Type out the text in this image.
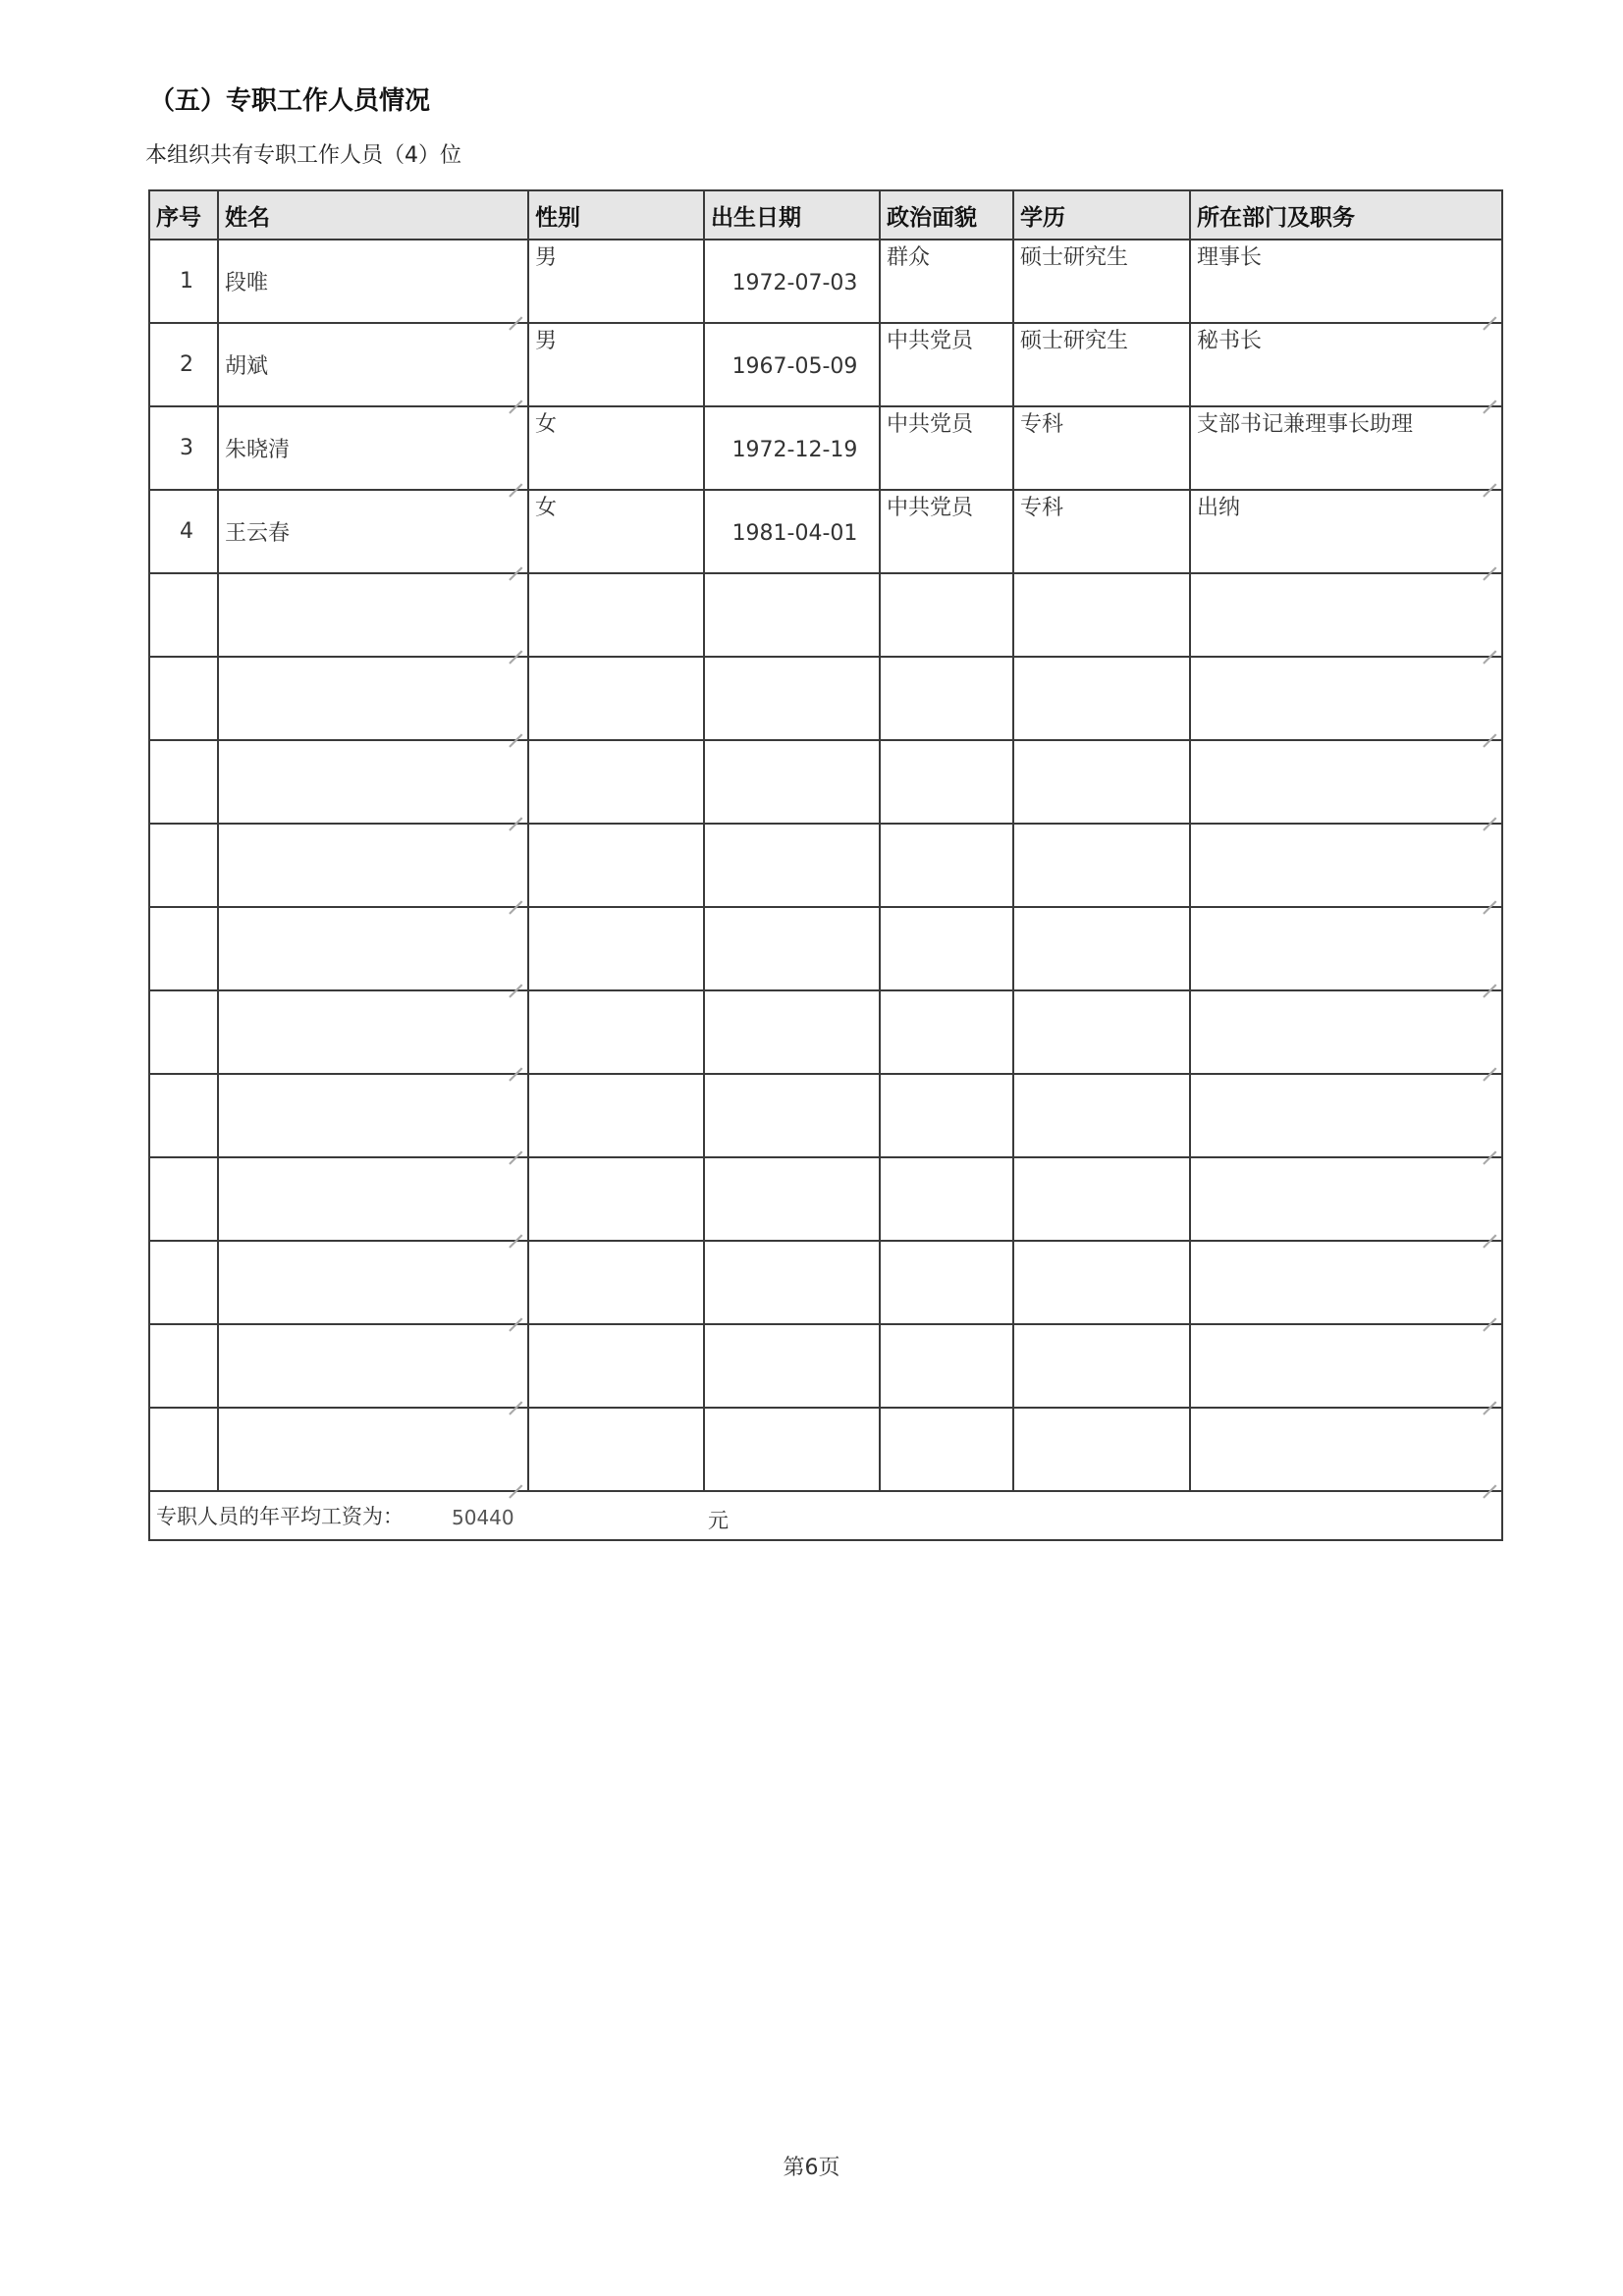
（五）专职工作人员情况
本组织共有专职工作人员（4）位
序号	姓名	性别	出生日期	政治面貌	学历	所在部门及职务
1	段唯	男	1972-07-03	群众	硕士研究生	理事长

2	胡斌	男	1967-05-09	中共党员	硕士研究生	秘书长

3	朱晓清	女	1972-12-19	中共党员	专科	支部书记兼理事长助理

4	王云春	女	1981-04-01	中共党员	专科	出纳

专职人员的年平均工资为： 50440 元						
第6页
